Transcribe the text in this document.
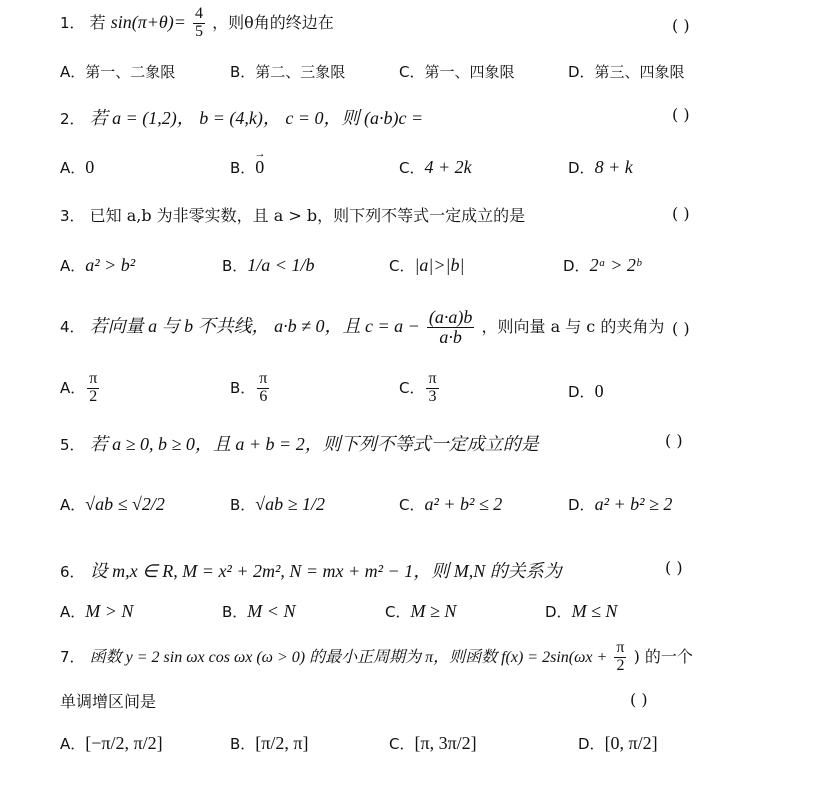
1． 若 $\sin(\pi+\theta)= \frac{4}{5}$ ，则θ角的终边在	( )
A．第一、二象限	B．第二、三象限	C．第一、四象限	D．第三、四象限
2． 若 a = (1,2)， b = (4,k)， c = 0，则 (a·b)c =	( )
A．0	B．→ 0	C．4 + 2k	D．8 + k
3． 已知 a,b 为非零实数，且 a > b，则下列不等式一定成立的是	( )
A．a² > b²	B．1/a < 1/b	C．|a|>|b|	D．2ᵃ > 2ᵇ
4． 若向量 a 与 b 不共线， a·b ≠ 0，且 $c = a - \frac{(a\cdot a)b}{a\cdot b}$ ，则向量 a 与 c 的夹角为 ( )
A． $\frac{\pi}{2}$	B． $\frac{\pi}{6}$	C． $\frac{\pi}{3}$	D．0
5． 若 a ≥ 0, b ≥ 0，且 a + b = 2，则下列不等式一定成立的是	( )
A．√ab ≤ √2/2	B．√ab ≥ 1/2	C．a² + b² ≤ 2	D．a² + b² ≥ 2
6． 设 m,x ∈ R, M = x² + 2m², N = mx + m² − 1，则 M,N 的关系为	( )
A．M > N	B．M < N	C．M ≥ N	D．M ≤ N
7． 函数 y = 2 sin ωx cos ωx (ω > 0) 的最小正周期为 π，则函数 $f(x) = 2\sin(\omega x + \frac{\pi}{2}$ ) 的一个
单调增区间是	( )
A．[−π/2, π/2]	B．[π/2, π]	C．[π, 3π/2]	D．[0, π/2]
